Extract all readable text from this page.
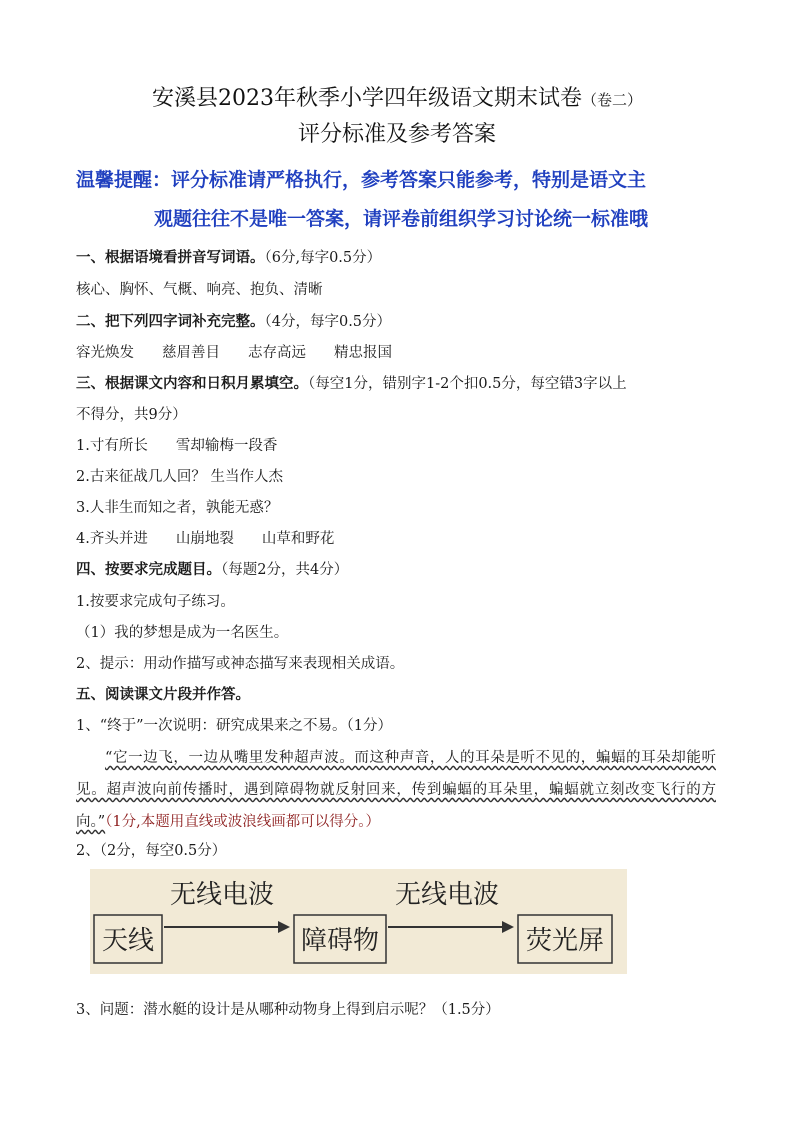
安溪县2023年秋季小学四年级语文期末试卷（卷二）
评分标准及参考答案
温馨提醒：评分标准请严格执行，参考答案只能参考，特别是语文主
观题往往不是唯一答案，请评卷前组织学习讨论统一标准哦
一、根据语境看拼音写词语。（6分,每字0.5分）
核心、胸怀、气概、响亮、抱负、清晰
二、把下列四字词补充完整。（4分，每字0.5分）
容光焕发 慈眉善目 志存高远 精忠报国
三、根据课文内容和日积月累填空。（每空1分，错别字1-2个扣0.5分，每空错3字以上
不得分，共9分）
1.寸有所长 雪却输梅一段香
2.古来征战几人回？ 生当作人杰
3.人非生而知之者，孰能无惑？
4.齐头并进 山崩地裂 山草和野花
四、按要求完成题目。（每题2分，共4分）
1.按要求完成句子练习。
（1）我的梦想是成为一名医生。
2、提示：用动作描写或神态描写来表现相关成语。
五、阅读课文片段并作答。
1、“终于”一次说明：研究成果来之不易。（1分）
“它一边飞，一边从嘴里发种超声波。而这种声音，人的耳朵是听不见的，蝙蝠的耳朵却能听见。超声波向前传播时，遇到障碍物就反射回来，传到蝙蝠的耳朵里，蝙蝠就立刻改变飞行的方向。”（1分,本题用直线或波浪线画都可以得分。）
2、（2分，每空0.5分）
天线
无线电波
障碍物
无线电波
荧光屏
3、问题：潜水艇的设计是从哪种动物身上得到启示呢？（1.5分）
